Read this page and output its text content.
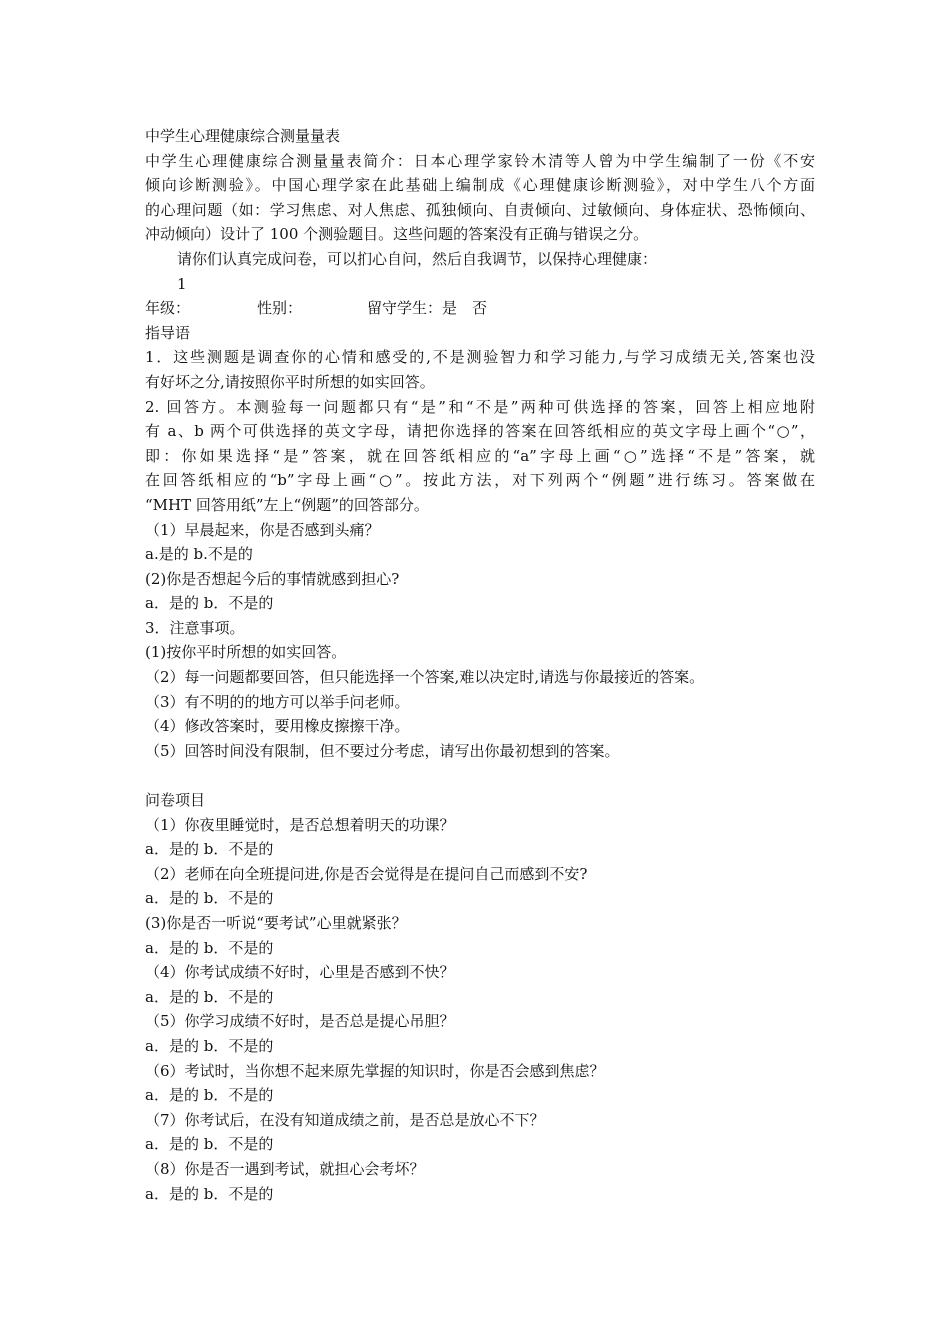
中学生心理健康综合测量量表
中学生心理健康综合测量量表简介：日本心理学家铃木清等人曾为中学生编制了一份《不安
倾向诊断测验》。中国心理学家在此基础上编制成《心理健康诊断测验》，对中学生八个方面
的心理问题（如：学习焦虑、对人焦虑、孤独倾向、自责倾向、过敏倾向、身体症状、恐怖倾向、
冲动倾向）设计了 100 个测验题目。这些问题的答案没有正确与错误之分。
请你们认真完成问卷，可以扪心自问，然后自我调节，以保持心理健康：
1
年级：	性别：	留守学生：是　否
指导语
1．这些测题是调查你的心情和感受的,不是测验智力和学习能力,与学习成绩无关,答案也没
有好坏之分,请按照你平时所想的如实回答。
2. 回答方。本测验每一问题都只有“是”和“不是”两种可供选择的答案，回答上相应地附
有 a、b 两个可供选择的英文字母，请把你选择的答案在回答纸相应的英文字母上画个“○”，
即：你如果选择“是”答案，就在回答纸相应的“a”字母上画“○”选择“不是”答案，就
在回答纸相应的“b”字母上画“○”。按此方法，对下列两个“例题”进行练习。答案做在
“MHT 回答用纸”左上“例题”的回答部分。
（1）早晨起来，你是否感到头痛？
a.是的 b.不是的
(2)你是否想起今后的事情就感到担心?
a．是的 b．不是的
3．注意事项。
(1)按你平时所想的如实回答。
（2）每一问题都要回答，但只能选择一个答案,难以决定时,请选与你最接近的答案。
（3）有不明的的地方可以举手问老师。
（4）修改答案时，要用橡皮擦擦干净。
（5）回答时间没有限制，但不要过分考虑，请写出你最初想到的答案。
问卷项目
（1）你夜里睡觉时，是否总想着明天的功课？
a．是的 b．不是的
（2）老师在向全班提问进,你是否会觉得是在提问自己而感到不安?
a．是的 b．不是的
(3)你是否一听说“要考试”心里就紧张？
a．是的 b．不是的
（4）你考试成绩不好时，心里是否感到不快？
a．是的 b．不是的
（5）你学习成绩不好时，是否总是提心吊胆？
a．是的 b．不是的
（6）考试时，当你想不起来原先掌握的知识时，你是否会感到焦虑？
a．是的 b．不是的
（7）你考试后，在没有知道成绩之前，是否总是放心不下？
a．是的 b．不是的
（8）你是否一遇到考试，就担心会考坏？
a．是的 b．不是的
